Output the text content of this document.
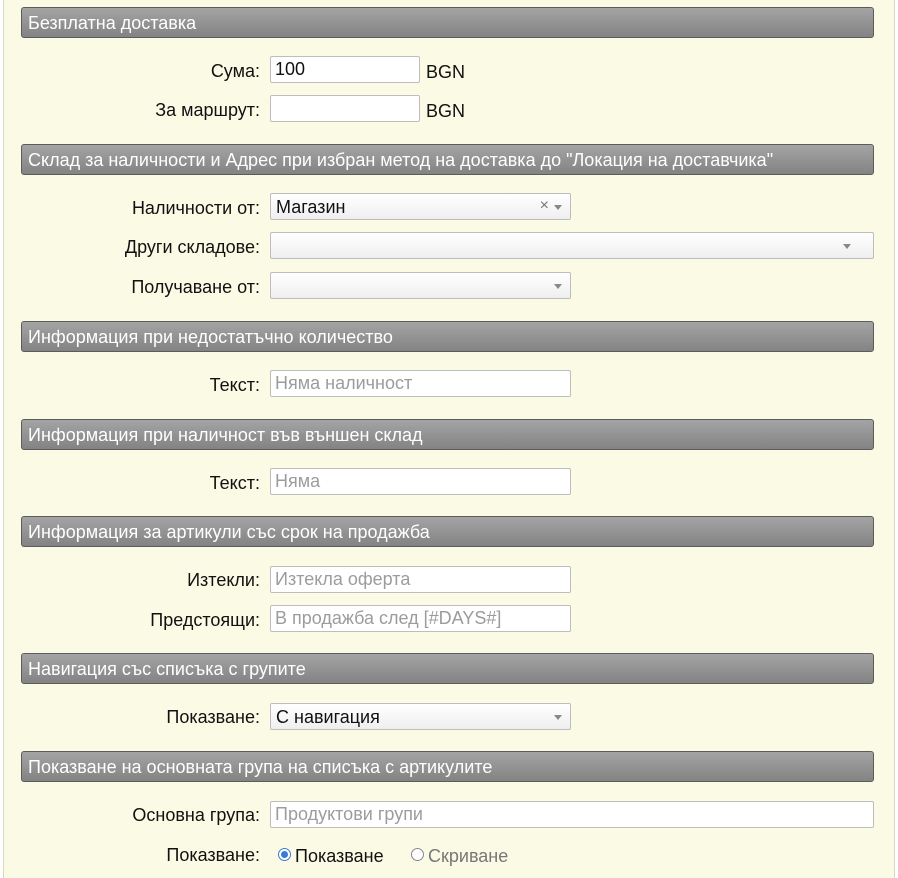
Безплатна доставка
Сума:
100	BGN
За маршрут:	BGN
Склад за наличности и Адрес при избран метод на доставка до "Локация на доставчика"
Наличности от: Магазин	×
Други складове:
Получаване от:
Информация при недостатъчно количество
Текст:
Няма наличност
Информация при наличност във външен склад
Текст:
Няма
Информация за артикули със срок на продажба
Изтекли:
Изтекла оферта
Предстоящи:
В продажба след [#DAYS#]
Навигация със списъка с групите
Показване: С навигация
Показване на основната група на списъка с артикулите
Основна група:
Продуктови групи
Показване: Показване Скриване
